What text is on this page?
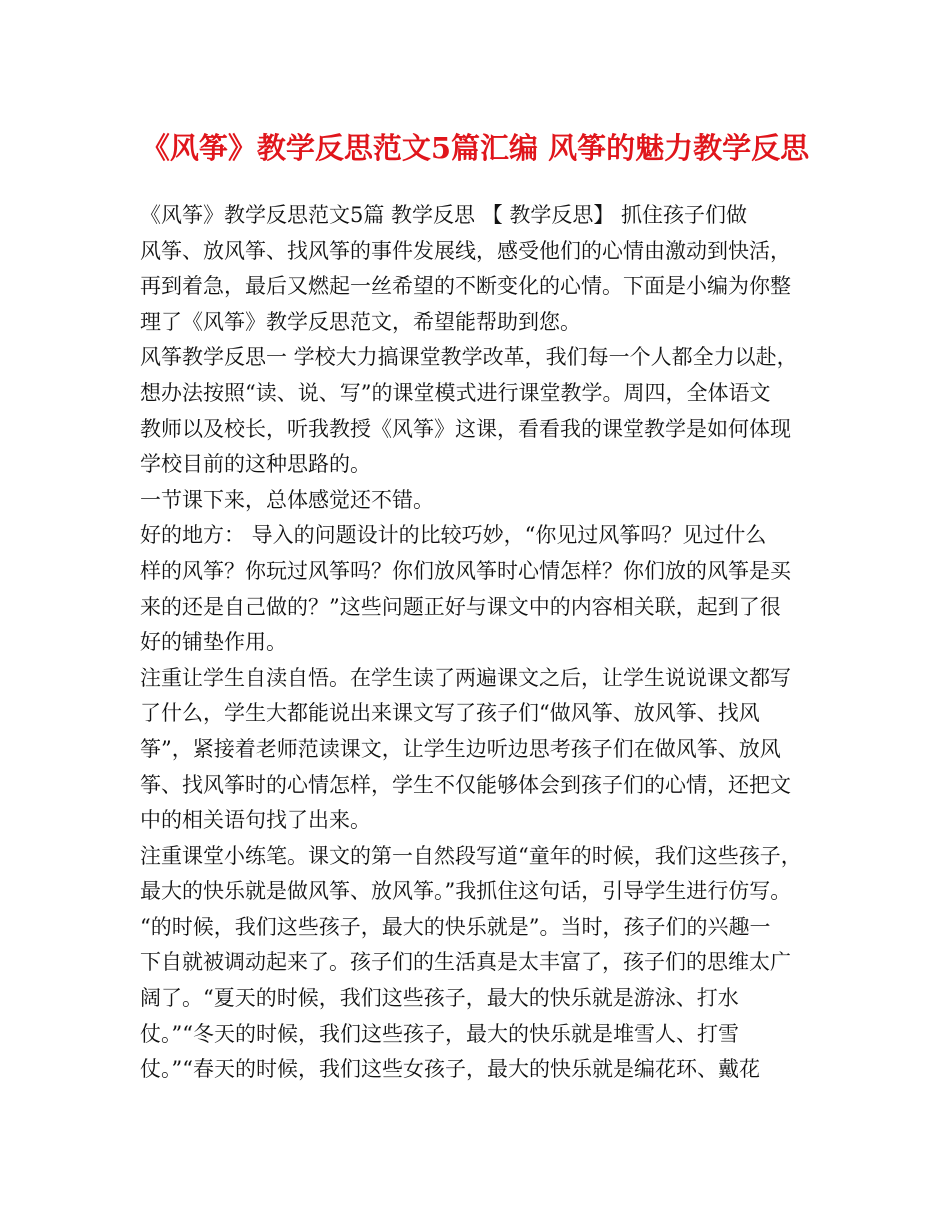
《风筝》教学反思范文5篇汇编 风筝的魅力教学反思
《风筝》教学反思范文5篇 教学反思 【 教学反思】 抓住孩子们做
风筝、放风筝、找风筝的事件发展线，感受他们的心情由激动到快活，
再到着急，最后又燃起一丝希望的不断变化的心情。下面是小编为你整
理了《风筝》教学反思范文，希望能帮助到您。
风筝教学反思一 学校大力搞课堂教学改革，我们每一个人都全力以赴，
想办法按照“读、说、写”的课堂模式进行课堂教学。周四，全体语文
教师以及校长，听我教授《风筝》这课，看看我的课堂教学是如何体现
学校目前的这种思路的。
一节课下来，总体感觉还不错。
好的地方： 导入的问题设计的比较巧妙，“你见过风筝吗？见过什么
样的风筝？你玩过风筝吗？你们放风筝时心情怎样？你们放的风筝是买
来的还是自己做的？”这些问题正好与课文中的内容相关联，起到了很
好的铺垫作用。
注重让学生自渎自悟。在学生读了两遍课文之后，让学生说说课文都写
了什么，学生大都能说出来课文写了孩子们“做风筝、放风筝、找风
筝”，紧接着老师范读课文，让学生边听边思考孩子们在做风筝、放风
筝、找风筝时的心情怎样，学生不仅能够体会到孩子们的心情，还把文
中的相关语句找了出来。
注重课堂小练笔。课文的第一自然段写道“童年的时候，我们这些孩子，
最大的快乐就是做风筝、放风筝。”我抓住这句话，引导学生进行仿写。
“的时候，我们这些孩子，最大的快乐就是”。当时，孩子们的兴趣一
下自就被调动起来了。孩子们的生活真是太丰富了，孩子们的思维太广
阔了。“夏天的时候，我们这些孩子，最大的快乐就是游泳、打水
仗。”“冬天的时候，我们这些孩子，最大的快乐就是堆雪人、打雪
仗。”“春天的时候，我们这些女孩子，最大的快乐就是编花环、戴花
